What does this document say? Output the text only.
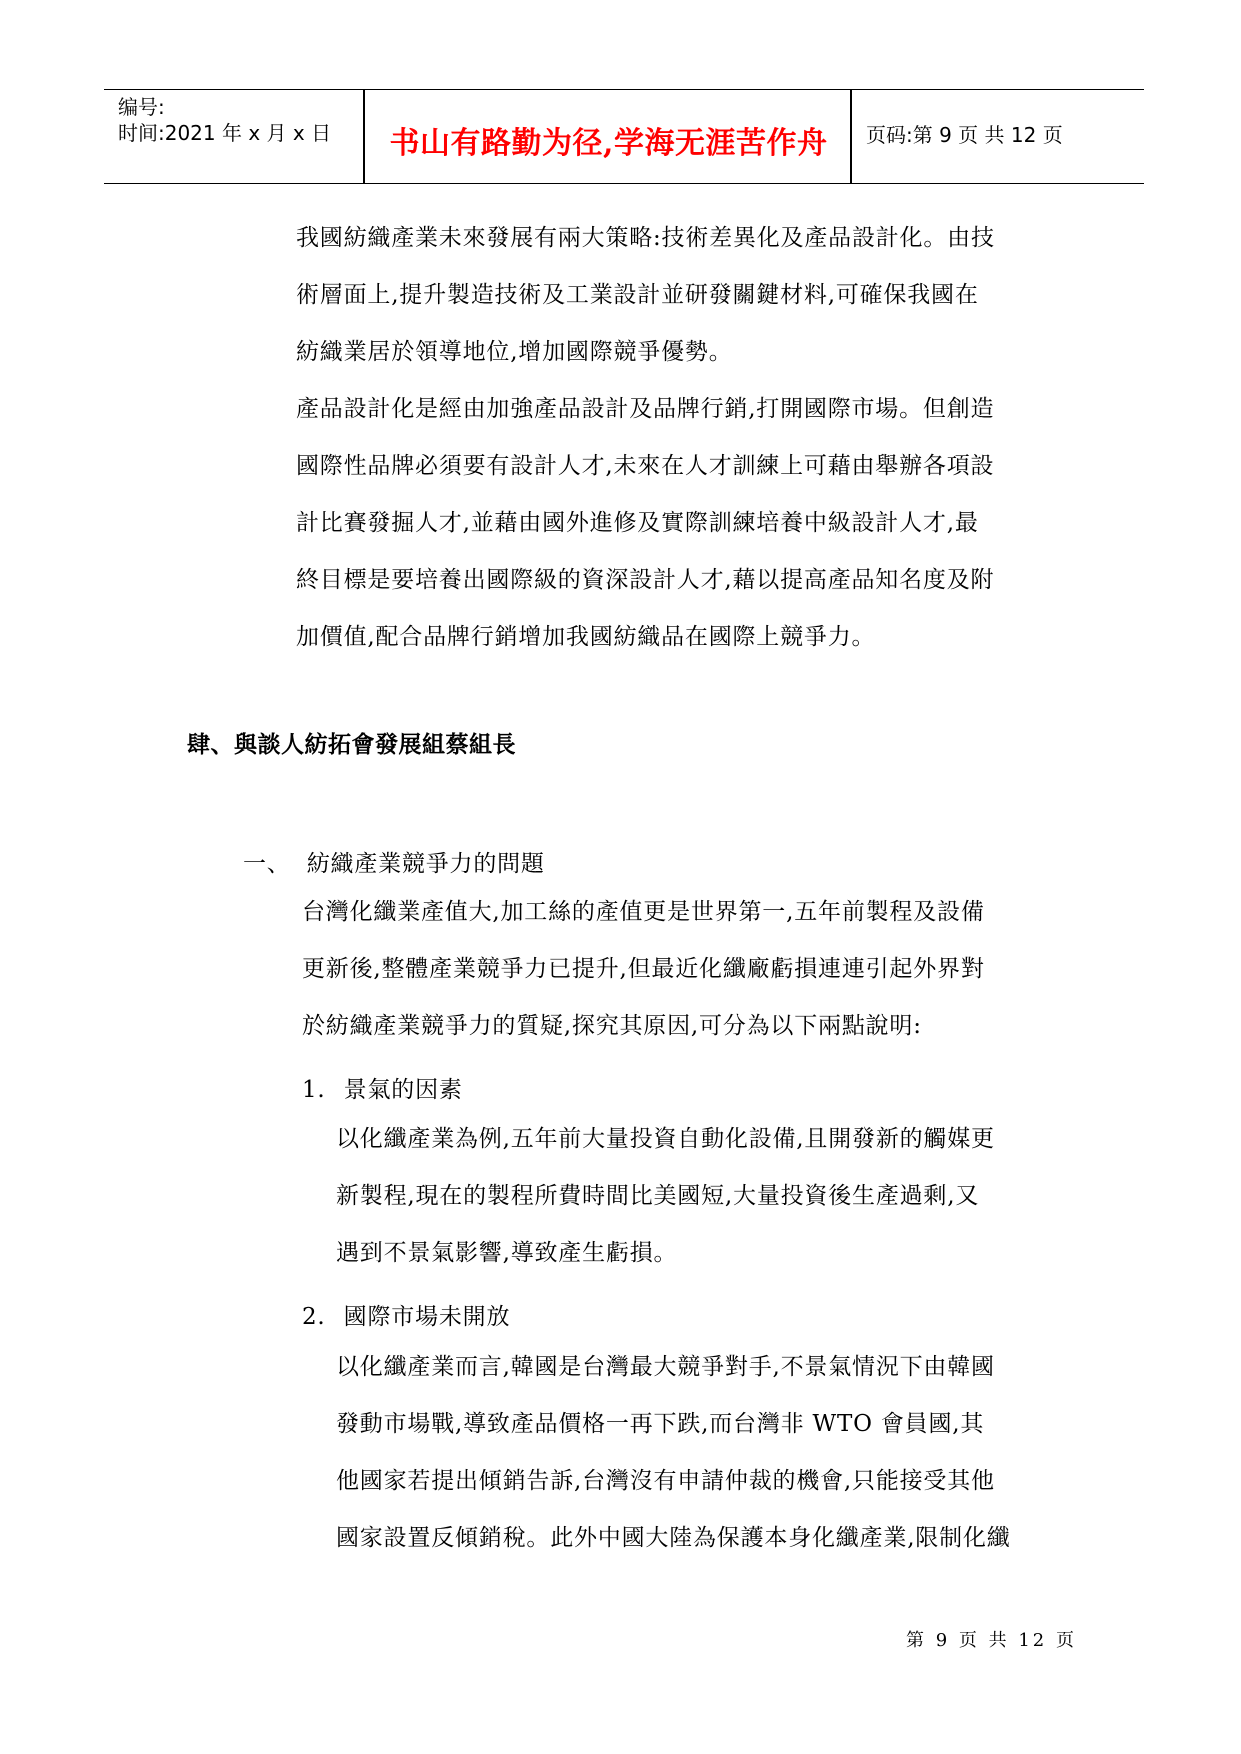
编号:
时间:2021 年 x 月 x 日	书山有路勤为径,学海无涯苦作舟	页码:第 9 页 共 12 页
我國紡織產業未來發展有兩大策略:技術差異化及產品設計化。由技
術層面上,提升製造技術及工業設計並研發關鍵材料,可確保我國在
紡織業居於領導地位,增加國際競爭優勢。
產品設計化是經由加強產品設計及品牌行銷,打開國際市場。但創造
國際性品牌必須要有設計人才,未來在人才訓練上可藉由舉辦各項設
計比賽發掘人才,並藉由國外進修及實際訓練培養中級設計人才,最
終目標是要培養出國際級的資深設計人才,藉以提高產品知名度及附
加價值,配合品牌行銷增加我國紡織品在國際上競爭力。
肆、與談人紡拓會發展組蔡組長
一、 紡織產業競爭力的問題
台灣化纖業產值大,加工絲的產值更是世界第一,五年前製程及設備
更新後,整體產業競爭力已提升,但最近化纖廠虧損連連引起外界對
於紡織產業競爭力的質疑,探究其原因,可分為以下兩點說明:
1. 景氣的因素
以化纖產業為例,五年前大量投資自動化設備,且開發新的觸媒更
新製程,現在的製程所費時間比美國短,大量投資後生產過剩,又
遇到不景氣影響,導致產生虧損。
2. 國際市場未開放
以化纖產業而言,韓國是台灣最大競爭對手,不景氣情況下由韓國
發動市場戰,導致產品價格一再下跌,而台灣非 WTO 會員國,其
他國家若提出傾銷告訴,台灣沒有申請仲裁的機會,只能接受其他
國家設置反傾銷稅。此外中國大陸為保護本身化纖產業,限制化纖
第 9 页 共 12 页
